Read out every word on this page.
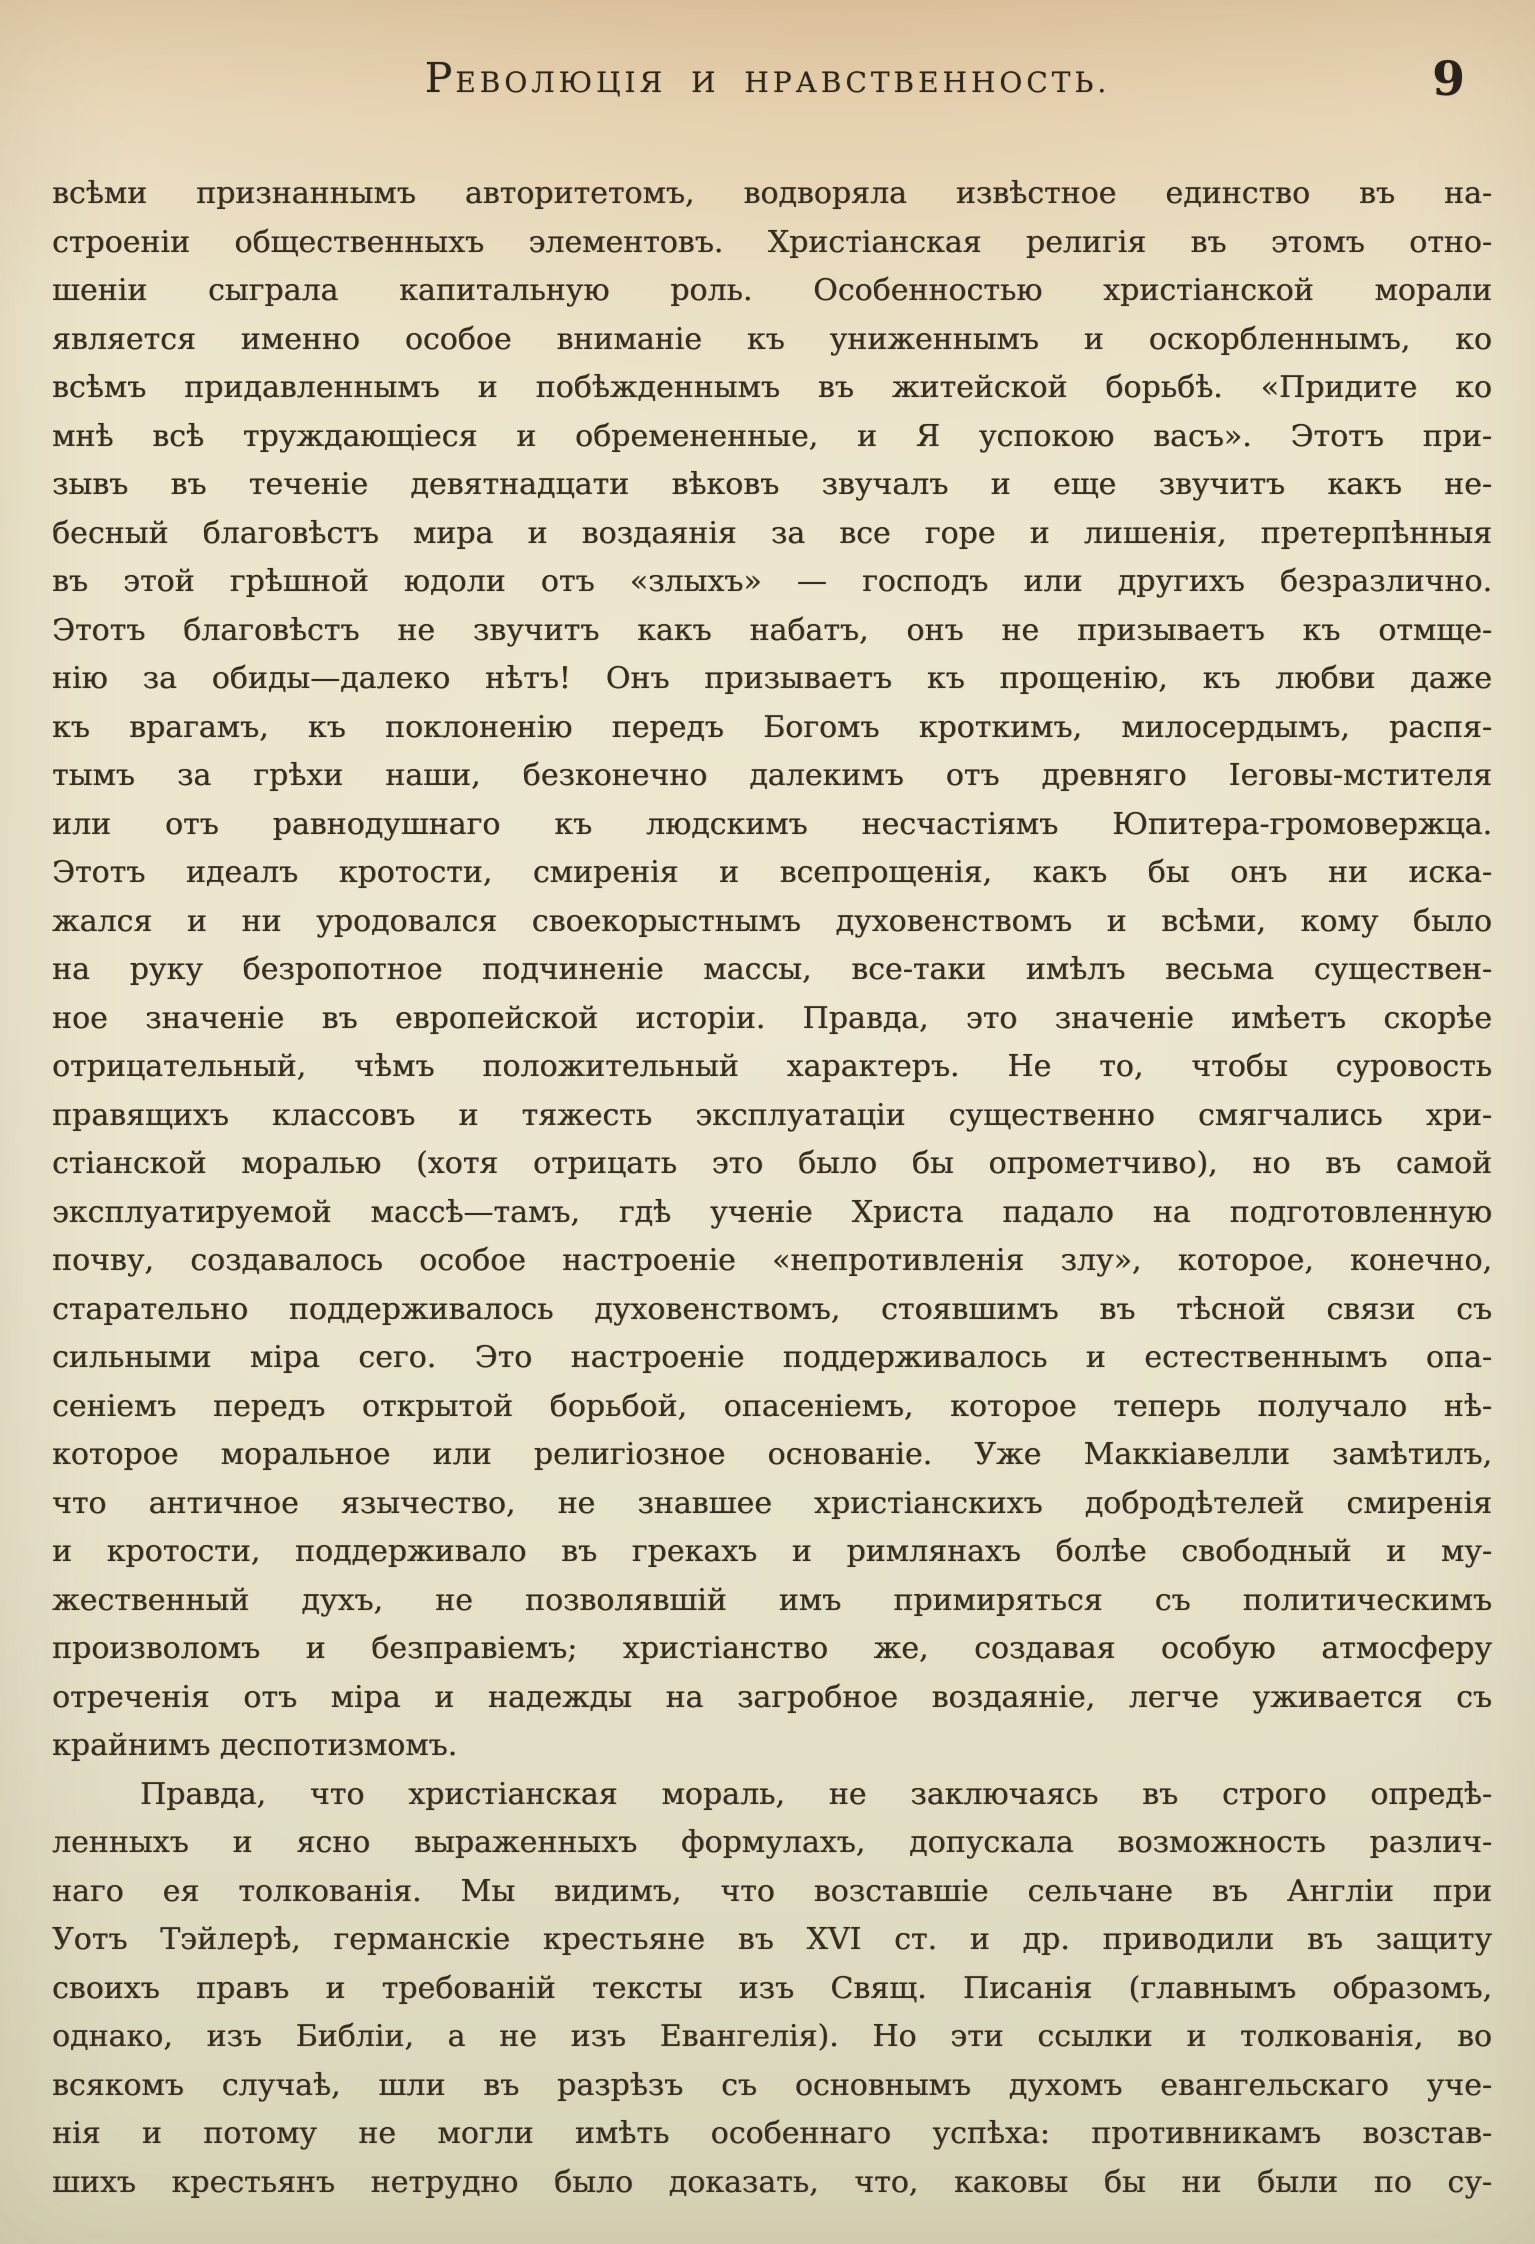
РЕВОЛЮЦІЯ И НРАВСТВЕННОСТЬ.	9
всѣми признаннымъ авторитетомъ, водворяла извѣстное единство въ на-
строеніи общественныхъ элементовъ. Христіанская религія въ этомъ отно-
шеніи сыграла капитальную роль. Особенностью христіанской морали
является именно особое вниманіе къ униженнымъ и оскорбленнымъ, ко
всѣмъ придавленнымъ и побѣжденнымъ въ житейской борьбѣ. «Придите ко
мнѣ всѣ труждающіеся и обремененные, и Я успокою васъ». Этотъ при-
зывъ въ теченіе девятнадцати вѣковъ звучалъ и еще звучитъ какъ не-
бесный благовѣстъ мира и воздаянія за все горе и лишенія, претерпѣнныя
въ этой грѣшной юдоли отъ «злыхъ» — господъ или другихъ безразлично.
Этотъ благовѣстъ не звучитъ какъ набатъ, онъ не призываетъ къ отмще-
нію за обиды—далеко нѣтъ! Онъ призываетъ къ прощенію, къ любви даже
къ врагамъ, къ поклоненію передъ Богомъ кроткимъ, милосердымъ, распя-
тымъ за грѣхи наши, безконечно далекимъ отъ древняго Іеговы-мстителя
или отъ равнодушнаго къ людскимъ несчастіямъ Юпитера-громовержца.
Этотъ идеалъ кротости, смиренія и всепрощенія, какъ бы онъ ни иска-
жался и ни уродовался своекорыстнымъ духовенствомъ и всѣми, кому было
на руку безропотное подчиненіе массы, все-таки имѣлъ весьма существен-
ное значеніе въ европейской исторіи. Правда, это значеніе имѣетъ скорѣе
отрицательный, чѣмъ положительный характеръ. Не то, чтобы суровость
правящихъ классовъ и тяжесть эксплуатаціи существенно смягчались хри-
стіанской моралью (хотя отрицать это было бы опрометчиво), но въ самой
эксплуатируемой массѣ—тамъ, гдѣ ученіе Христа падало на подготовленную
почву, создавалось особое настроеніе «непротивленія злу», которое, конечно,
старательно поддерживалось духовенствомъ, стоявшимъ въ тѣсной связи съ
сильными міра сего. Это настроеніе поддерживалось и естественнымъ опа-
сеніемъ передъ открытой борьбой, опасеніемъ, которое теперь получало нѣ-
которое моральное или религіозное основаніе. Уже Маккіавелли замѣтилъ,
что античное язычество, не знавшее христіанскихъ добродѣтелей смиренія
и кротости, поддерживало въ грекахъ и римлянахъ болѣе свободный и му-
жественный духъ, не позволявшій имъ примиряться съ политическимъ
произволомъ и безправіемъ; христіанство же, создавая особую атмосферу
отреченія отъ міра и надежды на загробное воздаяніе, легче уживается съ
крайнимъ деспотизмомъ.
Правда, что христіанская мораль, не заключаясь въ строго опредѣ-
ленныхъ и ясно выраженныхъ формулахъ, допускала возможность различ-
наго ея толкованія. Мы видимъ, что возставшіе сельчане въ Англіи при
Уотъ Тэйлерѣ, германскіе крестьяне въ XVI ст. и др. приводили въ защиту
своихъ правъ и требованій тексты изъ Свящ. Писанія (главнымъ образомъ,
однако, изъ Библіи, а не изъ Евангелія). Но эти ссылки и толкованія, во
всякомъ случаѣ, шли въ разрѣзъ съ основнымъ духомъ евангельскаго уче-
нія и потому не могли имѣть особеннаго успѣха: противникамъ возстав-
шихъ крестьянъ нетрудно было доказать, что, каковы бы ни были по су-
